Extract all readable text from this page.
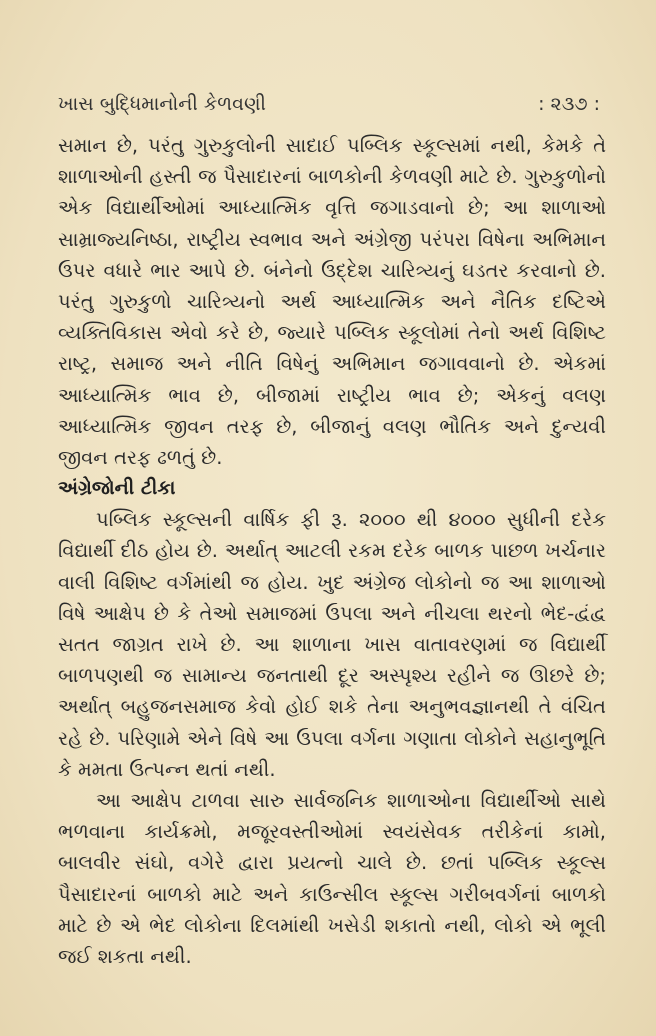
ખાસ બુદ્ધિમાનોની કેળવણી	: ૨૩૭ :

સમાન છે, પરંતુ ગુરુકુલોની સાદાઈ પબ્લિક સ્કૂલ્સમાં નથી, કેમકે તે શાળાઓની હસ્તી જ પૈસાદારનાં બાળકોની કેળવણી માટે છે. ગુરુકુળોનો એક વિદ્યાર્થીઓમાં આધ્યાત્મિક વૃત્તિ જગાડવાનો છે; આ શાળાઓ સામ્રાજ્યનિષ્ઠા, રાષ્ટ્રીય સ્વભાવ અને અંગ્રેજી પરંપરા વિષેના અભિમાન ઉપર વધારે ભાર આપે છે. બંનેનો ઉદ્દેશ ચારિત્ર્યનું ઘડતર કરવાનો છે. પરંતુ ગુરુકુળો ચારિત્ર્યનો અર્થ આધ્યાત્મિક અને નૈતિક દષ્ટિએ વ્યક્તિવિકાસ એવો કરે છે, જ્યારે પબ્લિક સ્કૂલોમાં તેનો અર્થ વિશિષ્ટ રાષ્ટ્ર, સમાજ અને નીતિ વિષેનું અભિમાન જગાવવાનો છે. એકમાં આધ્યાત્મિક ભાવ છે, બીજામાં રાષ્ટ્રીય ભાવ છે; એકનું વલણ આધ્યાત્મિક જીવન તરફ છે, બીજાનું વલણ ભૌતિક અને દુન્યવી જીવન તરફ ઢળતું છે.

અંગ્રેજોની ટીકા

પબ્લિક સ્કૂલ્સની વાર્ષિક ફી રૂ. ૨૦૦૦ થી ૪૦૦૦ સુધીની દરેક વિદ્યાર્થી દીઠ હોય છે. અર્થાત્ આટલી રકમ દરેક બાળક પાછળ ખર્ચનાર વાલી વિશિષ્ટ વર્ગમાંથી જ હોય. ખુદ અંગ્રેજ લોકોનો જ આ શાળાઓ વિષે આક્ષેપ છે કે તેઓ સમાજમાં ઉપલા અને નીચલા થરનો ભેદ-દ્વંદ્વ સતત જાગ્રત રાખે છે. આ શાળાના ખાસ વાતાવરણમાં જ વિદ્યાર્થી બાળપણથી જ સામાન્ય જનતાથી દૂર અસ્પૃશ્ય રહીને જ ઊછરે છે; અર્થાત્ બહુજનસમાજ કેવો હોઈ શકે તેના અનુભવજ્ઞાનથી તે વંચિત રહે છે. પરિણામે એને વિષે આ ઉપલા વર્ગના ગણાતા લોકોને સહાનુભૂતિ કે મમતા ઉત્પન્ન થતાં નથી.

આ આક્ષેપ ટાળવા સારુ સાર્વજનિક શાળાઓના વિદ્યાર્થીઓ સાથે ભળવાના કાર્યક્રમો, મજૂરવસ્તીઓમાં સ્વયંસેવક તરીકેનાં કામો, બાલવીર સંઘો, વગેરે દ્વારા પ્રયત્નો ચાલે છે. છતાં પબ્લિક સ્કૂલ્સ પૈસાદારનાં બાળકો માટે અને કાઉન્સીલ સ્કૂલ્સ ગરીબવર્ગનાં બાળકો માટે છે એ ભેદ લોકોના દિલમાંથી ખસેડી શકાતો નથી, લોકો એ ભૂલી જઈ શકતા નથી.
